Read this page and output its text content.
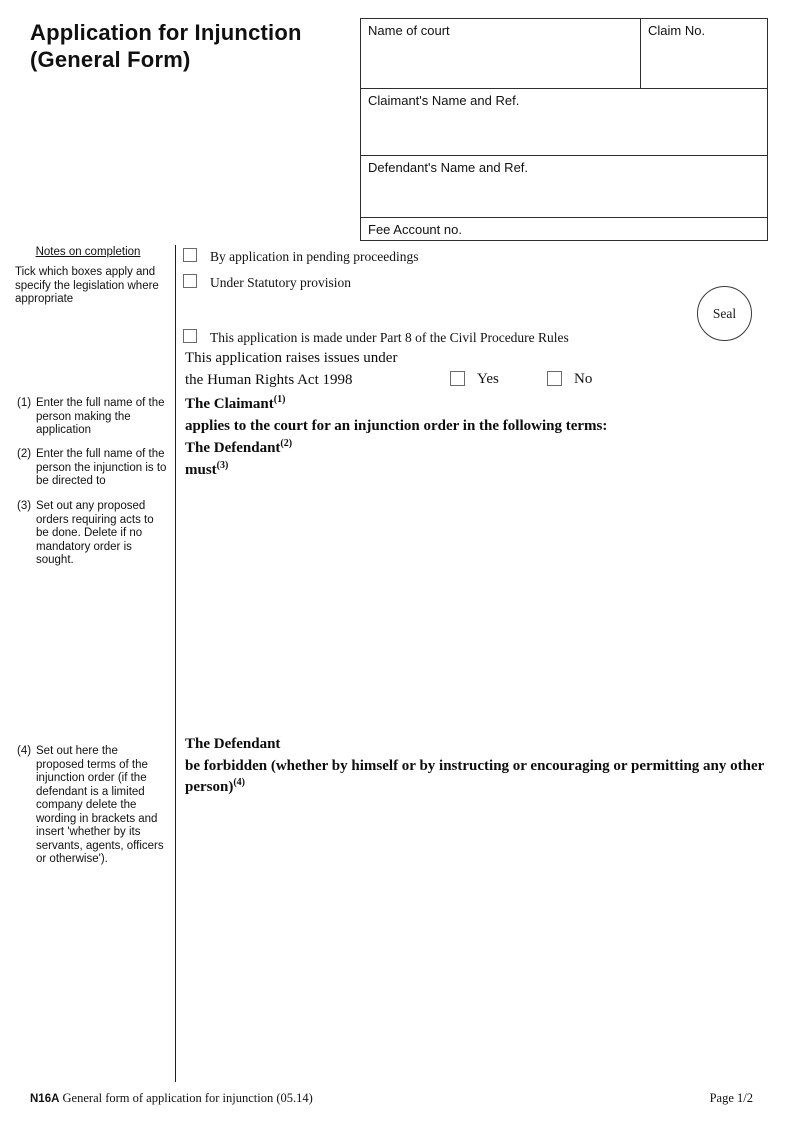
Application for Injunction
(General Form)
Name of court	Claim No.
Claimant's Name and Ref.
Defendant's Name and Ref.
Fee Account no.
Notes on completion
Tick which boxes apply and specify the legislation where appropriate
(1) Enter the full name of the person making the application
(2) Enter the full name of the person the injunction is to be directed to
(3) Set out any proposed orders requiring acts to be done. Delete if no mandatory order is sought.
(4) Set out here the proposed terms of the injunction order (if the defendant is a limited company delete the wording in brackets and insert 'whether by its servants, agents, officers or otherwise').
By application in pending proceedings
Under Statutory provision
This application is made under Part 8 of the Civil Procedure Rules
This application raises issues under
the Human Rights Act 1998	Yes	No
The Claimant$^{(1)}$
applies to the court for an injunction order in the following terms:
The Defendant$^{(2)}$
must$^{(3)}$
The Defendant
be forbidden (whether by himself or by instructing or encouraging or permitting any other person)$^{(4)}$
Seal
N16A General form of application for injunction (05.14)	Page 1/2
